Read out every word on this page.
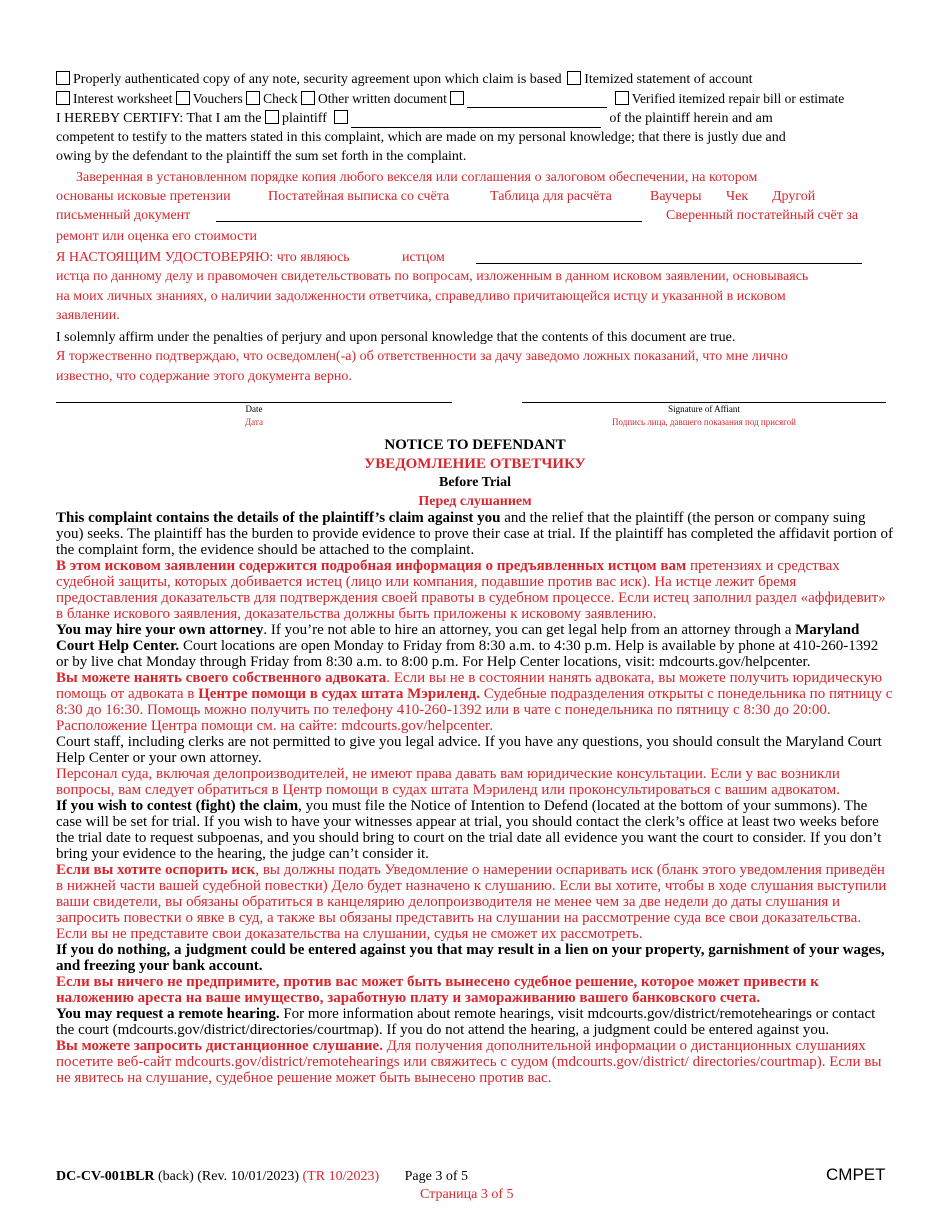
Properly authenticated copy of any note, security agreement upon which claim is based Itemized statement of account
Interest worksheet Vouchers Check Other written document	Verified itemized repair bill or estimate
I HEREBY CERTIFY: That I am the plaintiff	of the plaintiff herein and am
competent to testify to the matters stated in this complaint, which are made on my personal knowledge; that there is justly due and
owing by the defendant to the plaintiff the sum set forth in the complaint.
Заверенная в установленном порядке копия любого векселя или соглашения о залоговом обеспечении, на котором
основаны исковые претензии	Постатейная выписка со счёта	Таблица для расчёта	Ваучеры Чек Другой
письменный документ	Сверенный постатейный счёт за
ремонт или оценка его стоимости
Я НАСТОЯЩИМ УДОСТОВЕРЯЮ: что являюсь	истцом
истца по данному делу и правомочен свидетельствовать по вопросам, изложенным в данном исковом заявлении, основываясь
на моих личных знаниях, о наличии задолженности ответчика, справедливо причитающейся истцу и указанной в исковом
заявлении.
I solemnly affirm under the penalties of perjury and upon personal knowledge that the contents of this document are true.
Я торжественно подтверждаю, что осведомлен(-а) об ответственности за дачу заведомо ложных показаний, что мне лично
известно, что содержание этого документа верно.
Date
Дата
Signature of Affiant
Подпись лица, давшего показания под присягой
NOTICE TO DEFENDANT
УВЕДОМЛЕНИЕ ОТВЕТЧИКУ
Before Trial
Перед слушанием

This complaint contains the details of the plaintiff’s claim against you and the relief that the plaintiff (the person or company suing you) seeks. The plaintiff has the burden to provide evidence to prove their case at trial. If the plaintiff has completed the affidavit portion of the complaint form, the evidence should be attached to the complaint.

В этом исковом заявлении содержится подробная информация о предъявленных истцом вам претензиях и средствах судебной защиты, которых добивается истец (лицо или компания, подавшие против вас иск). На истце лежит бремя предоставления доказательств для подтверждения своей правоты в судебном процессе. Если истец заполнил раздел «аффидевит» в бланке искового заявления, доказательства должны быть приложены к исковому заявлению.

You may hire your own attorney. If you’re not able to hire an attorney, you can get legal help from an attorney through a Maryland Court Help Center. Court locations are open Monday to Friday from 8:30 a.m. to 4:30 p.m. Help is available by phone at 410-260-1392 or by live chat Monday through Friday from 8:30 a.m. to 8:00 p.m. For Help Center locations, visit: mdcourts.gov/helpcenter.

Вы можете нанять своего собственного адвоката. Если вы не в состоянии нанять адвоката, вы можете получить юридическую помощь от адвоката в Центре помощи в судах штата Мэриленд. Судебные подразделения открыты с понедельника по пятницу с 8:30 до 16:30. Помощь можно получить по телефону 410-260-1392 или в чате с понедельника по пятницу с 8:30 до 20:00. Расположение Центра помощи см. на сайте: mdcourts.gov/helpcenter.

Court staff, including clerks are not permitted to give you legal advice. If you have any questions, you should consult the Maryland Court Help Center or your own attorney.

Персонал суда, включая делопроизводителей, не имеют права давать вам юридические консультации. Если у вас возникли вопросы, вам следует обратиться в Центр помощи в судах штата Мэриленд или проконсультироваться с вашим адвокатом.

If you wish to contest (fight) the claim, you must file the Notice of Intention to Defend (located at the bottom of your summons). The case will be set for trial. If you wish to have your witnesses appear at trial, you should contact the clerk’s office at least two weeks before the trial date to request subpoenas, and you should bring to court on the trial date all evidence you want the court to consider. If you don’t bring your evidence to the hearing, the judge can’t consider it.

Если вы хотите оспорить иск, вы должны подать Уведомление о намерении оспаривать иск (бланк этого уведомления приведён в нижней части вашей судебной повестки) Дело будет назначено к слушанию. Если вы хотите, чтобы в ходе слушания выступили ваши свидетели, вы обязаны обратиться в канцелярию делопроизводителя не менее чем за две недели до даты слушания и запросить повестки о явке в суд, а также вы обязаны представить на слушании на рассмотрение суда все свои доказательства. Если вы не представите свои доказательства на слушании, судья не сможет их рассмотреть.

If you do nothing, a judgment could be entered against you that may result in a lien on your property, garnishment of your wages, and freezing your bank account.

Если вы ничего не предпримите, против вас может быть вынесено судебное решение, которое может привести к наложению ареста на ваше имущество, заработную плату и замораживанию вашего банковского счета.

You may request a remote hearing. For more information about remote hearings, visit mdcourts.gov/district/remotehearings or contact the court (mdcourts.gov/district/directories/courtmap). If you do not attend the hearing, a judgment could be entered against you.

Вы можете запросить дистанционное слушание. Для получения дополнительной информации о дистанционных слушаниях посетите веб-сайт mdcourts.gov/district/remotehearings или свяжитесь с судом (mdcourts.gov/district/ directories/courtmap). Если вы не явитесь на слушание, судебное решение может быть вынесено против вас.

DC-CV-001BLR (back) (Rev. 10/01/2023) (TR 10/2023) Page 3 of 5
Страница 3 of 5
CMPET
